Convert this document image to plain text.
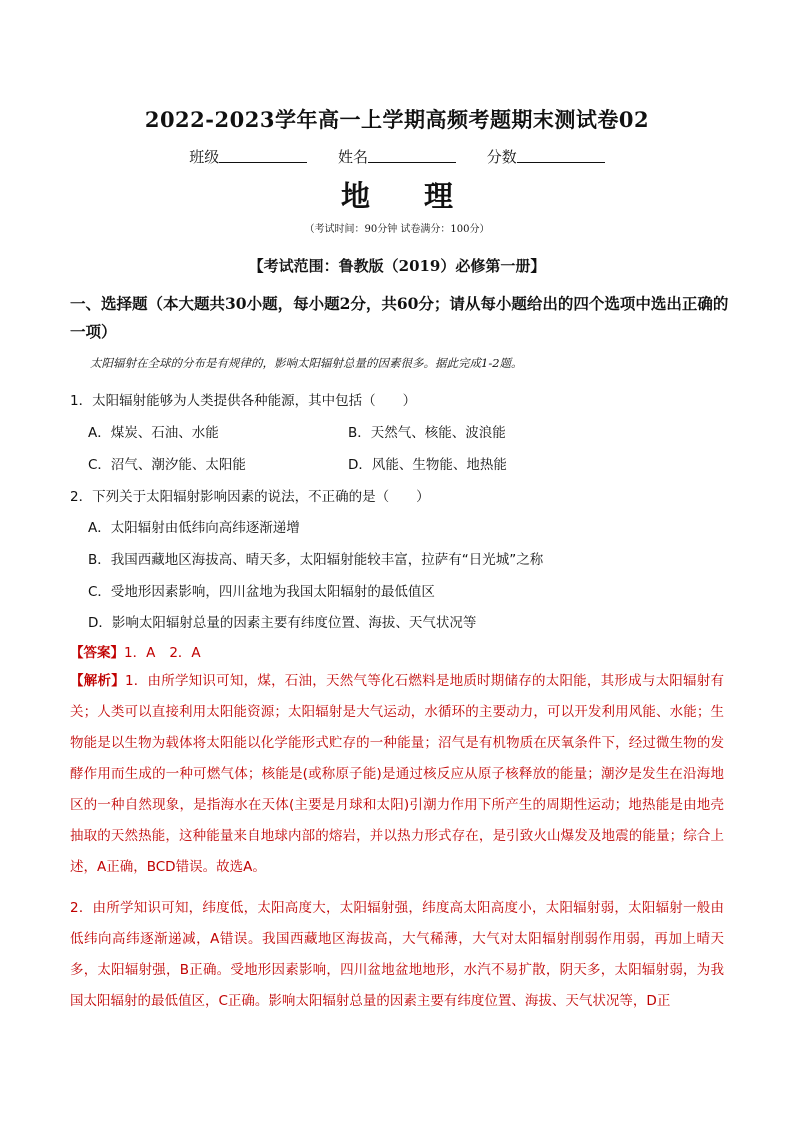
2022-2023学年高一上学期高频考题期末测试卷02
班级	姓名	分数
地 理
（考试时间：90分钟 试卷满分：100分）
【考试范围：鲁教版（2019）必修第一册】
一、选择题（本大题共30小题，每小题2分，共60分；请从每小题给出的四个选项中选出正确的一项）
太阳辐射在全球的分布是有规律的，影响太阳辐射总量的因素很多。据此完成1-2题。
1．太阳辐射能够为人类提供各种能源，其中包括（　　）
A．煤炭、石油、水能	B．天然气、核能、波浪能
C．沼气、潮汐能、太阳能	D．风能、生物能、地热能
2．下列关于太阳辐射影响因素的说法，不正确的是（　　）
A．太阳辐射由低纬向高纬逐渐递增
B．我国西藏地区海拔高、晴天多，太阳辐射能较丰富，拉萨有“日光城”之称
C．受地形因素影响，四川盆地为我国太阳辐射的最低值区
D．影响太阳辐射总量的因素主要有纬度位置、海拔、天气状况等
【答案】1．A 2．A
【解析】1．由所学知识可知，煤，石油，天然气等化石燃料是地质时期储存的太阳能，其形成与太阳辐射有关；人类可以直接利用太阳能资源；太阳辐射是大气运动，水循环的主要动力，可以开发利用风能、水能；生物能是以生物为载体将太阳能以化学能形式贮存的一种能量；沼气是有机物质在厌氧条件下，经过微生物的发酵作用而生成的一种可燃气体；核能是(或称原子能)是通过核反应从原子核释放的能量；潮汐是发生在沿海地区的一种自然现象，是指海水在天体(主要是月球和太阳)引潮力作用下所产生的周期性运动；地热能是由地壳抽取的天然热能，这种能量来自地球内部的熔岩，并以热力形式存在，是引致火山爆发及地震的能量；综合上述，A正确，BCD错误。故选A。
2．由所学知识可知，纬度低，太阳高度大，太阳辐射强，纬度高太阳高度小，太阳辐射弱，太阳辐射一般由低纬向高纬逐渐递减，A错误。我国西藏地区海拔高，大气稀薄，大气对太阳辐射削弱作用弱，再加上晴天多，太阳辐射强，B正确。受地形因素影响，四川盆地盆地地形，水汽不易扩散，阴天多，太阳辐射弱，为我国太阳辐射的最低值区，C正确。影响太阳辐射总量的因素主要有纬度位置、海拔、天气状况等，D正
